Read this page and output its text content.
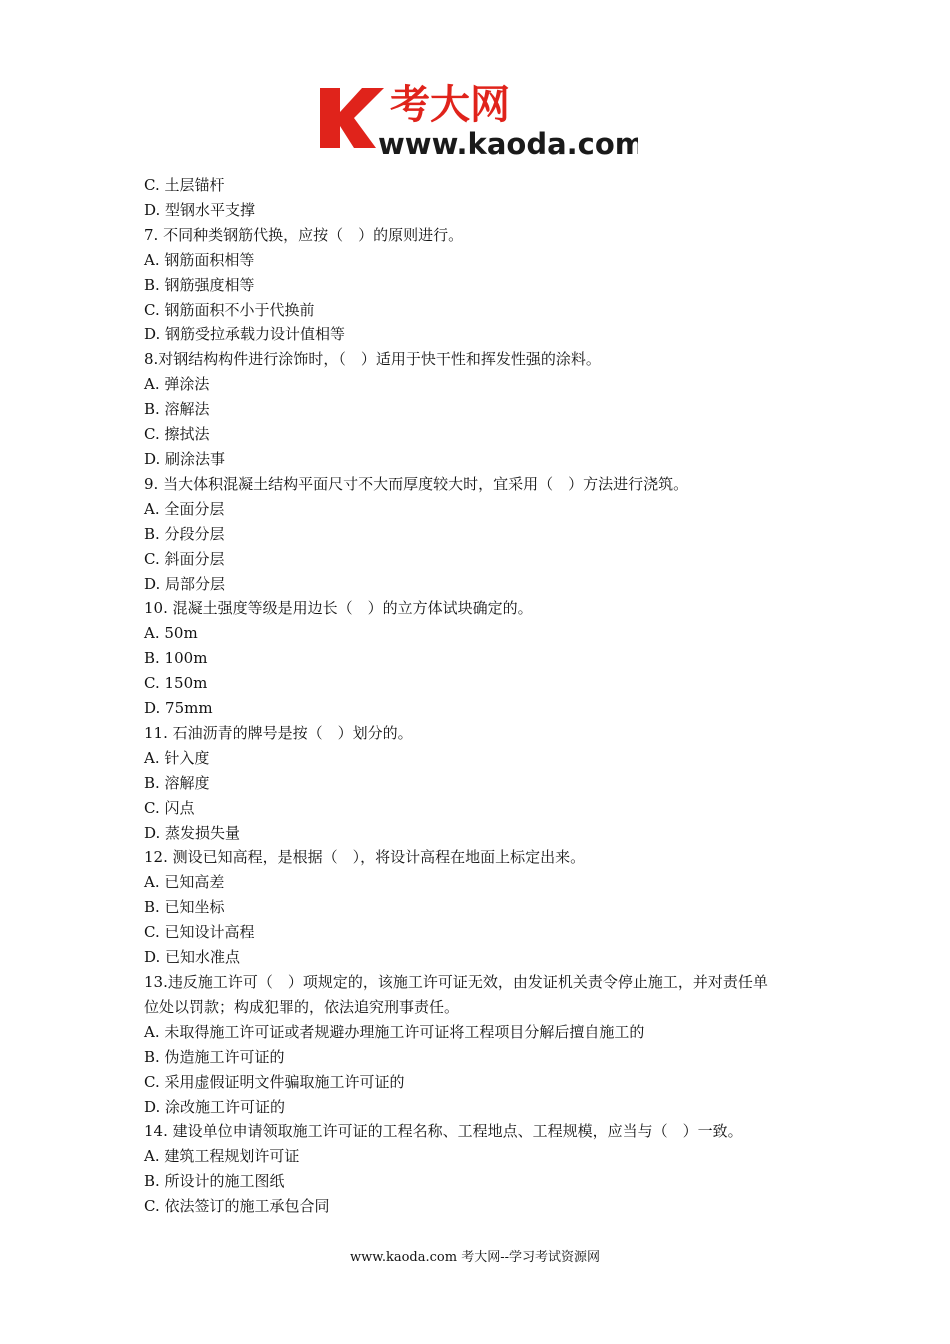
考大网
www.kaoda.com

C. 土层锚杆

D. 型钢水平支撑

7. 不同种类钢筋代换，应按（　）的原则进行。

A. 钢筋面积相等

B. 钢筋强度相等

C. 钢筋面积不小于代换前

D. 钢筋受拉承载力设计值相等

8.对钢结构构件进行涂饰时，（　）适用于快干性和挥发性强的涂料。

A. 弹涂法

B. 溶解法

C. 擦拭法

D. 刷涂法事

9. 当大体积混凝土结构平面尺寸不大而厚度较大时，宜采用（　）方法进行浇筑。

A. 全面分层

B. 分段分层

C. 斜面分层

D. 局部分层

10. 混凝土强度等级是用边长（　）的立方体试块确定的。

A. 50m

B. 100m

C. 150m

D. 75mm

11. 石油沥青的牌号是按（　）划分的。

A. 针入度

B. 溶解度

C. 闪点

D. 蒸发损失量

12. 测设已知高程，是根据（　），将设计高程在地面上标定出来。

A. 已知高差

B. 已知坐标

C. 已知设计高程

D. 已知水准点

13.违反施工许可（　）项规定的，该施工许可证无效，由发证机关责令停止施工，并对责任单

位处以罚款；构成犯罪的，依法追究刑事责任。

A. 未取得施工许可证或者规避办理施工许可证将工程项目分解后擅自施工的

B. 伪造施工许可证的

C. 采用虚假证明文件骗取施工许可证的

D. 涂改施工许可证的

14. 建设单位申请领取施工许可证的工程名称、工程地点、工程规模，应当与（　）一致。

A. 建筑工程规划许可证

B. 所设计的施工图纸

C. 依法签订的施工承包合同

www.kaoda.com 考大网--学习考试资源网
